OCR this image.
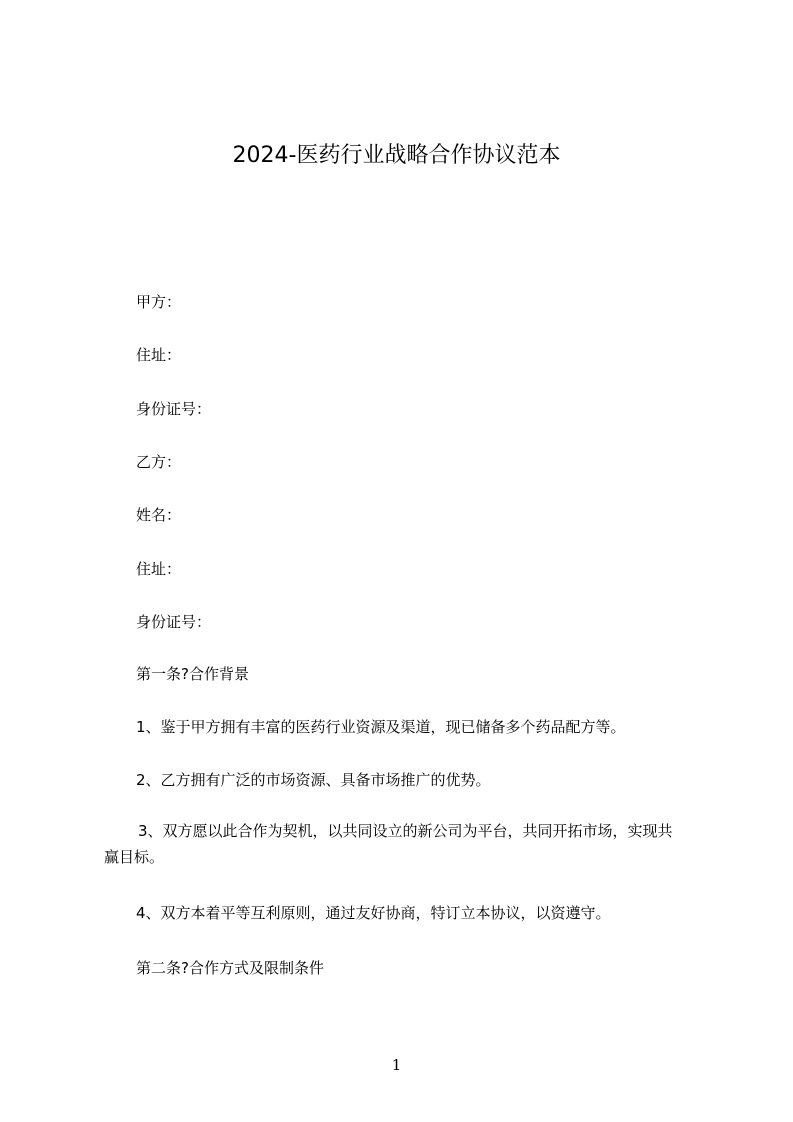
2024-医药行业战略合作协议范本
甲方：
住址：
身份证号：
乙方：
姓名：
住址：
身份证号：
第一条?合作背景
1、鉴于甲方拥有丰富的医药行业资源及渠道，现已储备多个药品配方等。
2、乙方拥有广泛的市场资源、具备市场推广的优势。
3、双方愿以此合作为契机，以共同设立的新公司为平台，共同开拓市场，实现共
赢目标。
4、双方本着平等互利原则，通过友好协商，特订立本协议，以资遵守。
第二条?合作方式及限制条件
1
